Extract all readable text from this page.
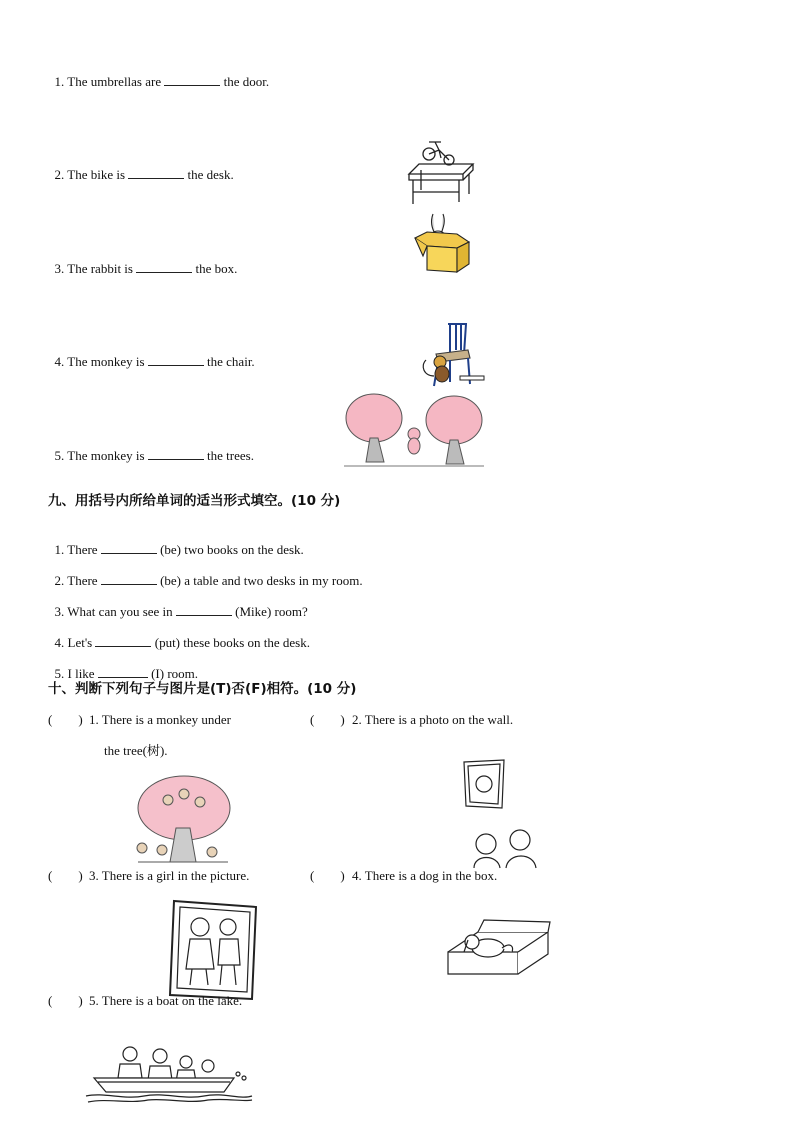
1. The umbrellas are	the door.

2. The bike is	the desk.

3. The rabbit is	the box.

4. The monkey is	the chair.

5. The monkey is	the trees.

九、用括号内所给单词的适当形式填空。(10 分)

1. There	(be) two books on the desk.

2. There	(be) a table and two desks in my room.

3. What can you see in	(Mike) room?

4. Let's	(put) these books on the desk.

5. I like	(I) room.

十、判断下列句子与图片是(T)否(F)相符。(10 分)
(        ) 1. There is a monkey under
the tree(树).
(        ) 2. There is a photo on the wall.
(        ) 3. There is a girl in the picture.	(        ) 4. There is a dog in the box.
(        ) 5. There is a boat on the lake.
